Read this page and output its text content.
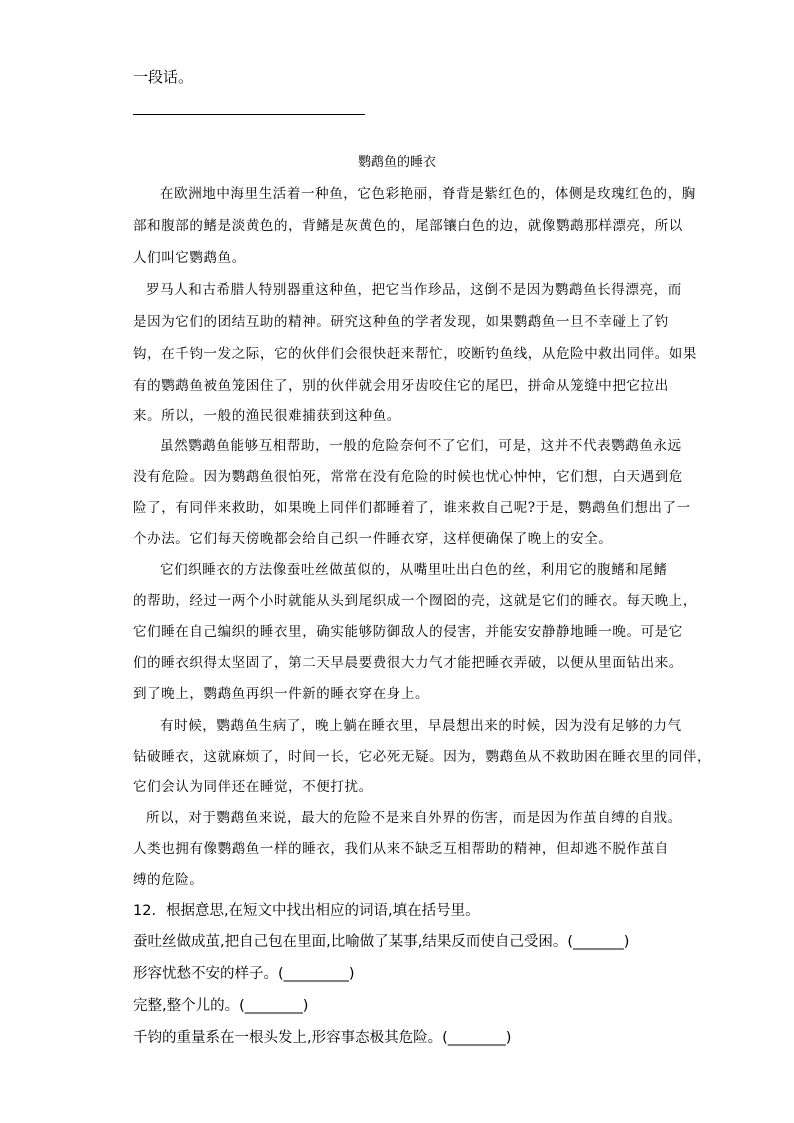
一段话。
鹦鹉鱼的睡衣
在欧洲地中海里生活着一种鱼，它色彩艳丽，脊背是紫红色的，体侧是玫瑰红色的，胸
部和腹部的鳍是淡黄色的，背鳍是灰黄色的，尾部镶白色的边，就像鹦鹉那样漂亮，所以
人们叫它鹦鹉鱼。
罗马人和古希腊人特别器重这种鱼，把它当作珍品，这倒不是因为鹦鹉鱼长得漂亮，而
是因为它们的团结互助的精神。研究这种鱼的学者发现，如果鹦鹉鱼一旦不幸碰上了钓
钩，在千钧一发之际，它的伙伴们会很快赶来帮忙，咬断钓鱼线，从危险中救出同伴。如果
有的鹦鹉鱼被鱼笼困住了，别的伙伴就会用牙齿咬住它的尾巴，拼命从笼缝中把它拉出
来。所以，一般的渔民很难捕获到这种鱼。
虽然鹦鹉鱼能够互相帮助，一般的危险奈何不了它们，可是，这并不代表鹦鹉鱼永远
没有危险。因为鹦鹉鱼很怕死，常常在没有危险的时候也忧心忡忡，它们想，白天遇到危
险了，有同伴来救助，如果晚上同伴们都睡着了，谁来救自己呢?于是，鹦鹉鱼们想出了一
个办法。它们每天傍晚都会给自己织一件睡衣穿，这样便确保了晚上的安全。
它们织睡衣的方法像蚕吐丝做茧似的，从嘴里吐出白色的丝，利用它的腹鳍和尾鳍
的帮助，经过一两个小时就能从头到尾织成一个囫囵的壳，这就是它们的睡衣。每天晚上，
它们睡在自己编织的睡衣里，确实能够防御敌人的侵害，并能安安静静地睡一晚。可是它
们的睡衣织得太坚固了，第二天早晨要费很大力气才能把睡衣弄破，以便从里面钻出来。
到了晚上，鹦鹉鱼再织一件新的睡衣穿在身上。
有时候，鹦鹉鱼生病了，晚上躺在睡衣里，早晨想出来的时候，因为没有足够的力气
钻破睡衣，这就麻烦了，时间一长，它必死无疑。因为，鹦鹉鱼从不救助困在睡衣里的同伴，
它们会认为同伴还在睡觉，不便打扰。
所以，对于鹦鹉鱼来说，最大的危险不是来自外界的伤害，而是因为作茧自缚的自戕。
人类也拥有像鹦鹉鱼一样的睡衣，我们从来不缺乏互相帮助的精神，但却逃不脱作茧自
缚的危险。
12．根据意思,在短文中找出相应的词语,填在括号里。
蚕吐丝做成茧,把自己包在里面,比喻做了某事,结果反而使自己受困。(_______)
形容忧愁不安的样子。(_________)
完整,整个儿的。(________)
千钧的重量系在一根头发上,形容事态极其危险。(________)
